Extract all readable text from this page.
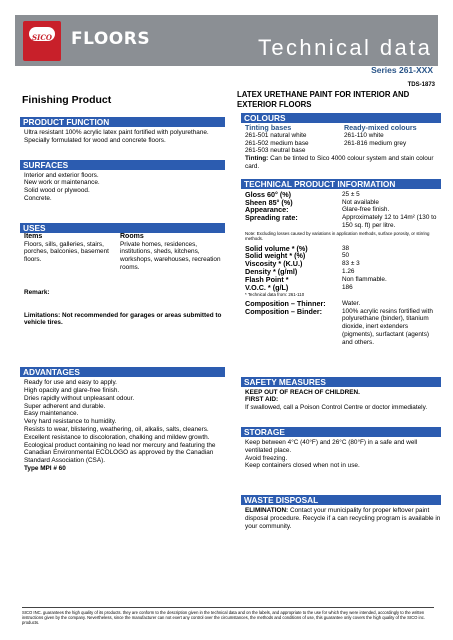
SICO FLOORS	Technical data
Series 261-XXX
TDS-1873
Finishing Product	LATEX URETHANE PAINT FOR INTERIOR AND EXTERIOR FLOORS
PRODUCT FUNCTION
Ultra resistant 100% acrylic latex paint fortified with polyurethane. Specially formulated for wood and concrete floors.
SURFACES
Interior and exterior floors.
New work or maintenance.
Solid wood or plywood.
Concrete.
USES
Items
Floors, sills, galleries, stairs, porches, balconies, basement floors.
Rooms
Private homes, residences, institutions, sheds, kitchens, workshops, warehouses, recreation rooms.
Remark:
Limitations: Not recommended for garages or areas submitted to vehicle tires.
ADVANTAGES
Ready for use and easy to apply.
High opacity and glare-free finish.
Dries rapidly without unpleasant odour.
Super adherent and durable.
Easy maintenance.
Very hard resistance to humidity.
Resists to wear, blistering, weathering, oil, alkalis, salts, cleaners.
Excellent resistance to discoloration, chalking and mildew growth.
Ecological product containing no lead nor mercury and featuring the Canadian Environmental ECOLOGO as approved by the Canadian Standard Association (CSA).
Type MPI # 60
COLOURS
Tinting bases
261-501 natural white
261-502 medium base
261-503 neutral base
Ready-mixed colours
261-110 white
261-816 medium grey
Tinting: Can be tinted to Sico 4000 colour system and stain colour card.
TECHNICAL PRODUCT INFORMATION
Gloss 60° (%)	25 ± 5
Sheen 85° (%)	Not available
Appearance:	Glare-free finish.
Spreading rate:	Approximately 12 to 14m² (130 to 150 sq. ft) per litre.
Note: Excluding losses caused by variations in application methods, surface porosity, or stirring methods.
Solid volume * (%)	38
Solid weight * (%)	50
Viscosity * (K.U.)	83 ± 3
Density * (g/ml)	1.26
Flash Point *	Non flammable.
V.O.C. * (g/L)	186
* Technical data from: 261-110
Composition – Thinner:	Water.
Composition – Binder:	100% acrylic resins fortified with polyurethane (binder), titanium dioxide, inert extenders (pigments), surfactant (agents) and others.
SAFETY MEASURES
KEEP OUT OF REACH OF CHILDREN.
FIRST AID:
If swallowed, call a Poison Control Centre or doctor immediately.
STORAGE
Keep between 4°C (40°F) and 26°C (80°F) in a safe and well ventilated place.
Avoid freezing.
Keep containers closed when not in use.
WASTE DISPOSAL
ELIMINATION: Contact your municipality for proper leftover paint disposal procedure. Recycle if a can recycling program is available in your community.
SICO INC. guarantees the high quality of its products. they are conform to the description given in the technical data and on the labels, and appropriate to the use for which they were intended, accordingly to the written instructions given by the company. Nevertheless, since the manufacturer can not exert any control over the circumstances, the methods and conditions of use, this guarantee only covers the high quality of the SICO inc. products.
